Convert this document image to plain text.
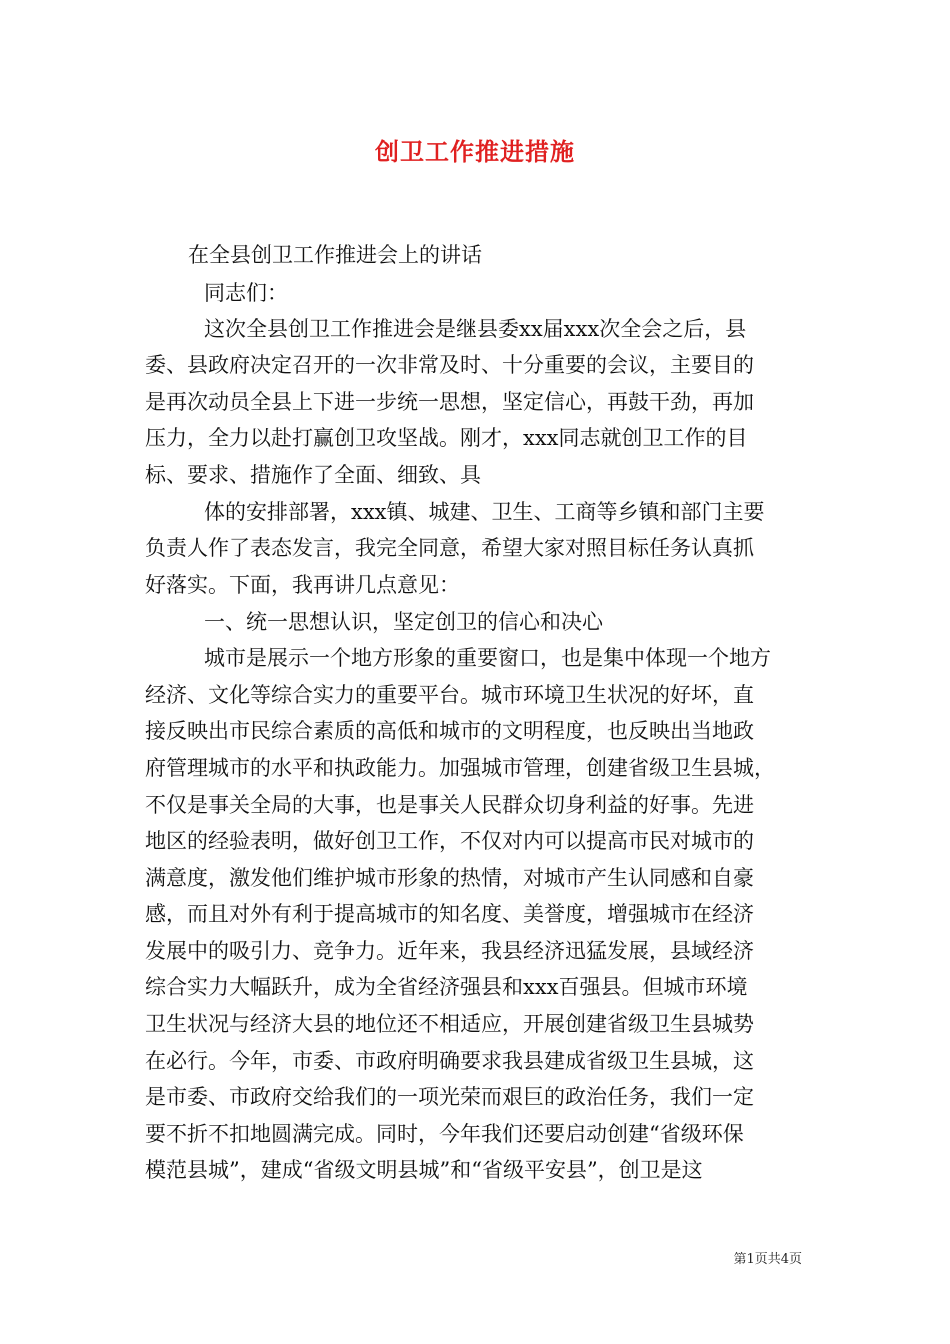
创卫工作推进措施
在全县创卫工作推进会上的讲话
同志们：
这次全县创卫工作推进会是继县委xx届xxx次全会之后，县
委、县政府决定召开的一次非常及时、十分重要的会议，主要目的
是再次动员全县上下进一步统一思想，坚定信心，再鼓干劲，再加
压力，全力以赴打赢创卫攻坚战。刚才，xxx同志就创卫工作的目
标、要求、措施作了全面、细致、具
体的安排部署，xxx镇、城建、卫生、工商等乡镇和部门主要
负责人作了表态发言，我完全同意，希望大家对照目标任务认真抓
好落实。下面，我再讲几点意见：
一、统一思想认识，坚定创卫的信心和决心
城市是展示一个地方形象的重要窗口，也是集中体现一个地方
经济、文化等综合实力的重要平台。城市环境卫生状况的好坏，直
接反映出市民综合素质的高低和城市的文明程度，也反映出当地政
府管理城市的水平和执政能力。加强城市管理，创建省级卫生县城，
不仅是事关全局的大事，也是事关人民群众切身利益的好事。先进
地区的经验表明，做好创卫工作，不仅对内可以提高市民对城市的
满意度，激发他们维护城市形象的热情，对城市产生认同感和自豪
感，而且对外有利于提高城市的知名度、美誉度，增强城市在经济
发展中的吸引力、竞争力。近年来，我县经济迅猛发展，县域经济
综合实力大幅跃升，成为全省经济强县和xxx百强县。但城市环境
卫生状况与经济大县的地位还不相适应，开展创建省级卫生县城势
在必行。今年，市委、市政府明确要求我县建成省级卫生县城，这
是市委、市政府交给我们的一项光荣而艰巨的政治任务，我们一定
要不折不扣地圆满完成。同时，今年我们还要启动创建“省级环保
模范县城”，建成“省级文明县城”和“省级平安县”，创卫是这
第1页共4页
